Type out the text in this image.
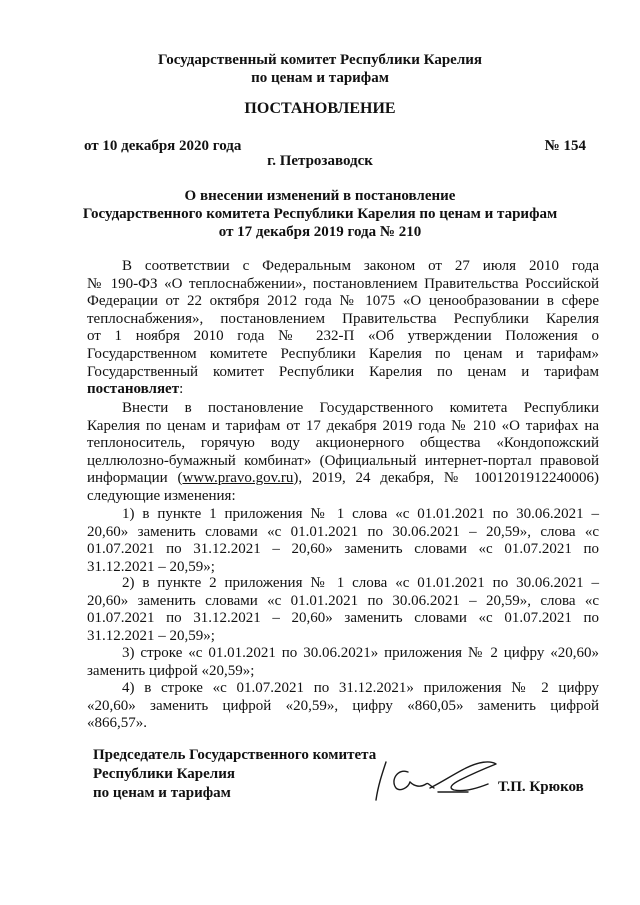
Государственный комитет Республики Карелия
по ценам и тарифам
ПОСТАНОВЛЕНИЕ
от 10 декабря 2020 года	№ 154
г. Петрозаводск
О внесении изменений в постановление
Государственного комитета Республики Карелия по ценам и тарифам
от 17 декабря 2019 года № 210
В соответствии с Федеральным законом от 27 июля 2010 года
№ 190-ФЗ «О теплоснабжении», постановлением Правительства Российской
Федерации от 22 октября 2012 года № 1075 «О ценообразовании в сфере
теплоснабжения», постановлением Правительства Республики Карелия
от 1 ноября 2010 года № 232-П «Об утверждении Положения о
Государственном комитете Республики Карелия по ценам и тарифам»
Государственный комитет Республики Карелия по ценам и тарифам
постановляет:
Внести в постановление Государственного комитета Республики
Карелия по ценам и тарифам от 17 декабря 2019 года № 210 «О тарифах на
теплоноситель, горячую воду акционерного общества «Кондопожский
целлюлозно-бумажный комбинат» (Официальный интернет-портал правовой
информации (www.pravo.gov.ru), 2019, 24 декабря, № 1001201912240006)
следующие изменения:
1) в пункте 1 приложения № 1 слова «с 01.01.2021 по 30.06.2021 –
20,60» заменить словами «с 01.01.2021 по 30.06.2021 – 20,59», слова «с
01.07.2021 по 31.12.2021 – 20,60» заменить словами «с 01.07.2021 по
31.12.2021 – 20,59»;
2) в пункте 2 приложения № 1 слова «с 01.01.2021 по 30.06.2021 –
20,60» заменить словами «с 01.01.2021 по 30.06.2021 – 20,59», слова «с
01.07.2021 по 31.12.2021 – 20,60» заменить словами «с 01.07.2021 по
31.12.2021 – 20,59»;
3) строке «с 01.01.2021 по 30.06.2021» приложения № 2 цифру «20,60»
заменить цифрой «20,59»;
4) в строке «с 01.07.2021 по 31.12.2021» приложения № 2 цифру
«20,60» заменить цифрой «20,59», цифру «860,05» заменить цифрой
«866,57».
Председатель Государственного комитета
Республики Карелия
по ценам и тарифам	Т.П. Крюков
